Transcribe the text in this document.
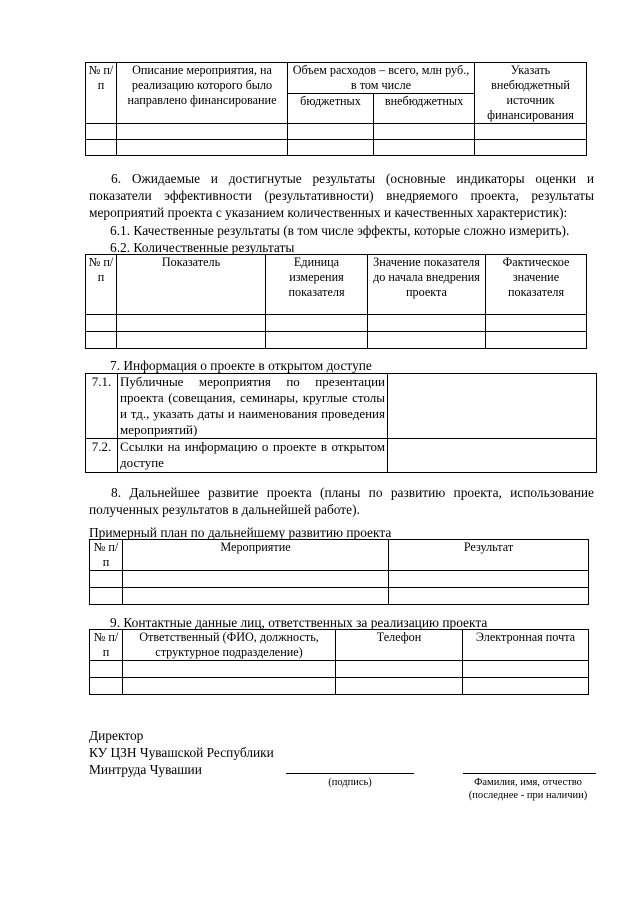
№ п/п	Описание мероприятия, на реализацию которого было направлено финансирование	Объем расходов – всего, млн руб., в том числе		Указать внебюджетный источник финансирования
		бюджетных	внебюджетных	

6. Ожидаемые и достигнутые результаты (основные индикаторы оценки и показатели эффективности (результативности) внедряемого проекта, результаты мероприятий проекта с указанием количественных и качественных характеристик):
6.1. Качественные результаты (в том числе эффекты, которые сложно измерить).
6.2. Количественные результаты
№ п/п	Показатель	Единица измерения показателя	Значение показателя до начала внедрения проекта	Фактическое значение показателя

7. Информация о проекте в открытом доступе
7.1.	Публичные мероприятия по презентации проекта (совещания, семинары, круглые столы и тд., указать даты и наименования проведения мероприятий)	
7.2.	Ссылки на информацию о проекте в открытом доступе	
8. Дальнейшее развитие проекта (планы по развитию проекта, использование полученных результатов в дальнейшей работе).
Примерный план по дальнейшему развитию проекта
№ п/п	Мероприятие	Результат

9. Контактные данные лиц, ответственных за реализацию проекта
№ п/п	Ответственный (ФИО, должность, структурное подразделение)	Телефон	Электронная почта

Директор
КУ ЦЗН Чувашской Республики
Минтруда Чувашии
(подпись)	Фамилия, имя, отчество
(последнее - при наличии)
